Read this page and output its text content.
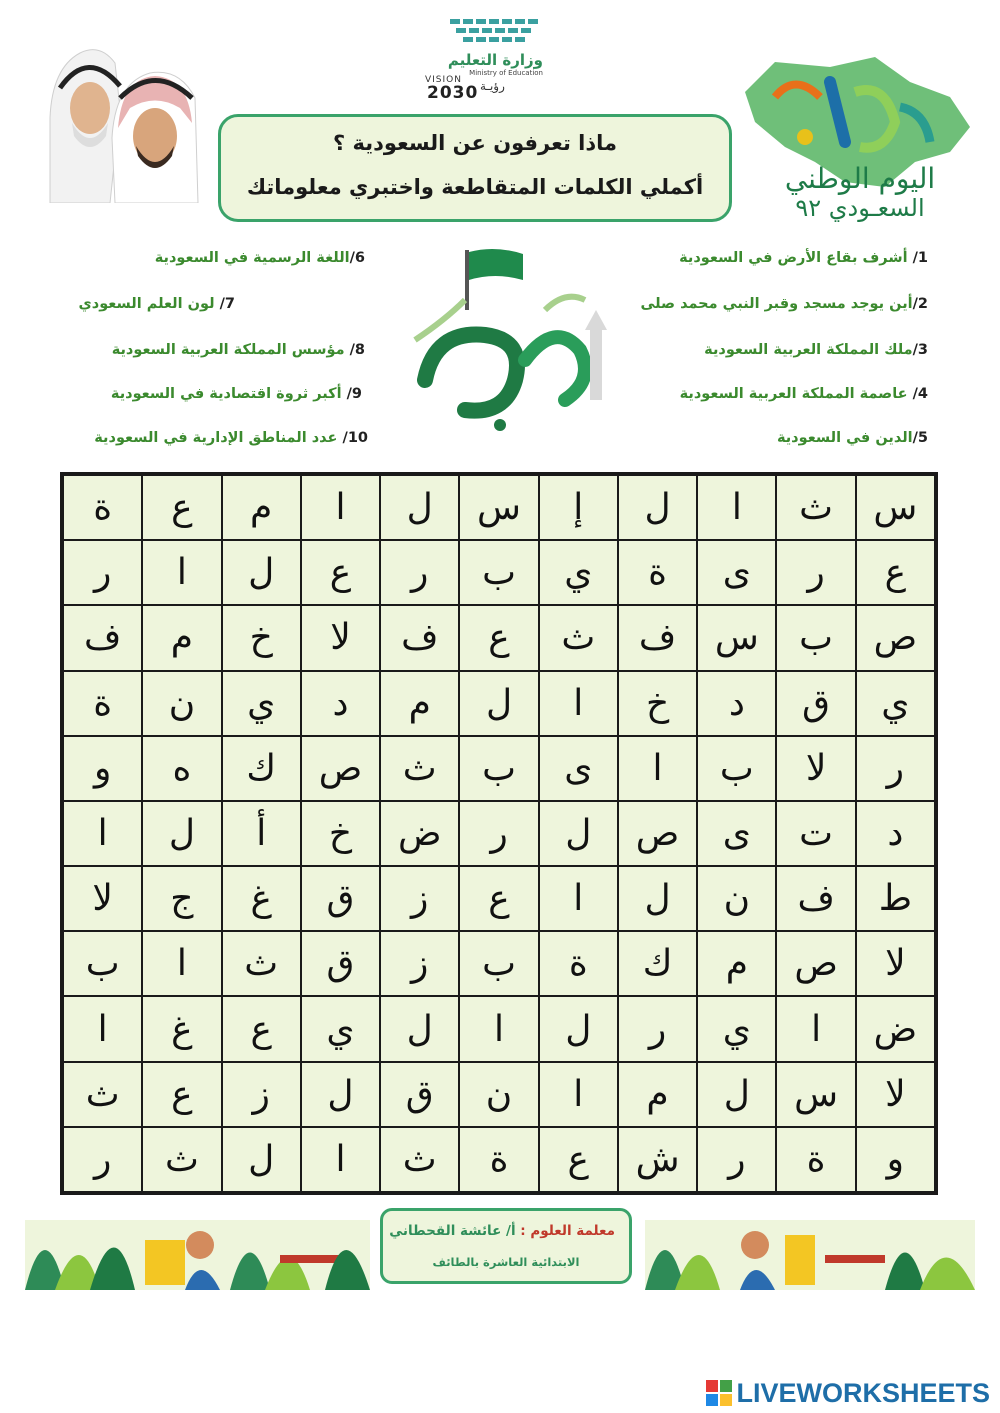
وزارة التعليم
Ministry of Education
VISION
2030 رؤيـة
اليوم الوطني
السعـودي ٩٢
ماذا تعرفون عن السعودية ؟
أكملي الكلمات المتقاطعة واختبري معلوماتك
1/ أشرف بقاع الأرض في السعودية
2/أين يوجد مسجد وقبر النبي محمد صلى
3/ملك المملكة العربية السعودية
4/ عاصمة المملكة العربية السعودية
5/الدين في السعودية
6/اللغة الرسمية في السعودية
7/ لون العلم السعودي
8/ مؤسس المملكة العربية السعودية
9/ أكبر ثروة اقتصادية في السعودية
10/ عدد المناطق الإدارية في السعودية
س
ث
ا
ل
إ
س
ل
ا
م
ع
ة
ع
ر
ى
ة
ي
ب
ر
ع
ل
ا
ر
ص
ب
س
ف
ث
ع
ف
لا
خ
م
ف
ي
ق
د
خ
ا
ل
م
د
ي
ن
ة
ر
لا
ب
ا
ى
ب
ث
ص
ك
ه
و
د
ت
ى
ص
ل
ر
ض
خ
أ
ل
ا
ط
ف
ن
ل
ا
ع
ز
ق
غ
ج
لا
لا
ص
م
ك
ة
ب
ز
ق
ث
ا
ب
ض
ا
ي
ر
ل
ا
ل
ي
ع
غ
ا
لا
س
ل
م
ا
ن
ق
ل
ز
ع
ث
و
ة
ر
ش
ع
ة
ث
ا
ل
ث
ر
معلمة العلوم : أ/ عائشة القحطاني
الابتدائية العاشرة بالطائف
LIVEWORKSHEETS
